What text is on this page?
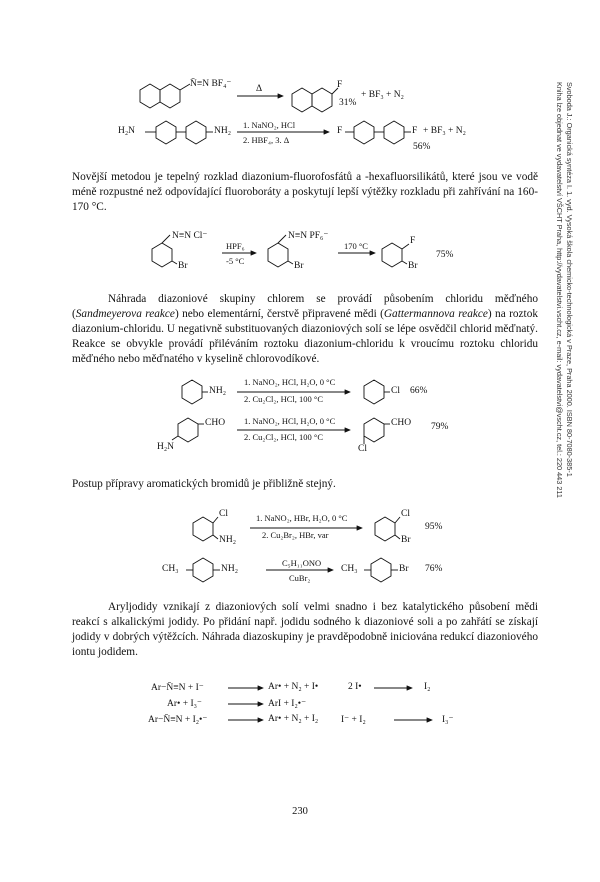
Svoboda J.: Organická syntéza I. 1. vyd. Vysoká škola chemicko-technologická v Praze, Praha 2000. ISBN 80-7080-385-1
Kniha lze objednat ve vydavatelství VŠCHT Praha, http://vydavatelstvi.vscht.cz, e-mail: vydavatelstvi@vscht.cz, tel.: 220 443 211
N̄≡N BF₄⁻	Δ	F
31%
+ BF₃ + N₂
H₂N	NH₂
1. NaNO₂, HCl
2. HBF₄, 3. Δ
F	F + BF₃ + N₂
56%
Novější metodou je tepelný rozklad diazonium-fluorofosfátů a -hexafluorsilikátů, které jsou ve vodě méně rozpustné než odpovídající fluoroboráty a poskytují lepší výtěžky rozkladu při zahřívání na 160-170 °C.
N≡N Cl⁻
Br
HPF₆
-5 °C
N≡N PF₆⁻
Br
170 °C	F
Br
75%
Náhrada diazoniové skupiny chlorem se provádí působením chloridu měďného (Sandmeyerova reakce) nebo elementární, čerstvě připravené mědi (Gattermannova reakce) na roztok diazonium-chloridu. U negativně substituovaných diazoniových solí se lépe osvědčil chlorid měďnatý. Reakce se obvykle provádí přiléváním roztoku diazonium-chloridu k vroucímu roztoku chloridu měďného nebo měďnatého v kyselině chlorovodíkové.
NH₂
1. NaNO₂, HCl, H₂O, 0 °C
2. Cu₂Cl₂, HCl, 100 °C
Cl 66%
CHO
H₂N
1. NaNO₂, HCl, H₂O, 0 °C
2. Cu₂Cl₂, HCl, 100 °C
CHO
Cl
79%
Postup přípravy aromatických bromidů je přibližně stejný.
Cl
NH₂
1. NaNO₂, HBr, H₂O, 0 °C
2. Cu₂Br₂, HBr, var
Cl
Br
95%
CH₃	NH₂
C₅H₁₁ONO
CuBr₂
CH₃	Br 76%
Aryljodidy vznikají z diazoniových solí velmi snadno i bez katalytického působení mědi reakcí s alkalickými jodidy. Po přidání např. jodidu sodného k diazoniové soli a po zahřátí se získají jodidy v dobrých výtěžcích. Náhrada diazoskupiny je pravděpodobně iniciována redukcí diazoniového iontu jodidem.
Ar−N̄≡N + I⁻	Ar• + N₂ + I•
Ar• + I₃⁻	ArI + I₂•⁻
Ar−N̄≡N + I₂•⁻	Ar• + N₂ + I₂
2 I•	I₂
I⁻ + I₂	I₃⁻
230
